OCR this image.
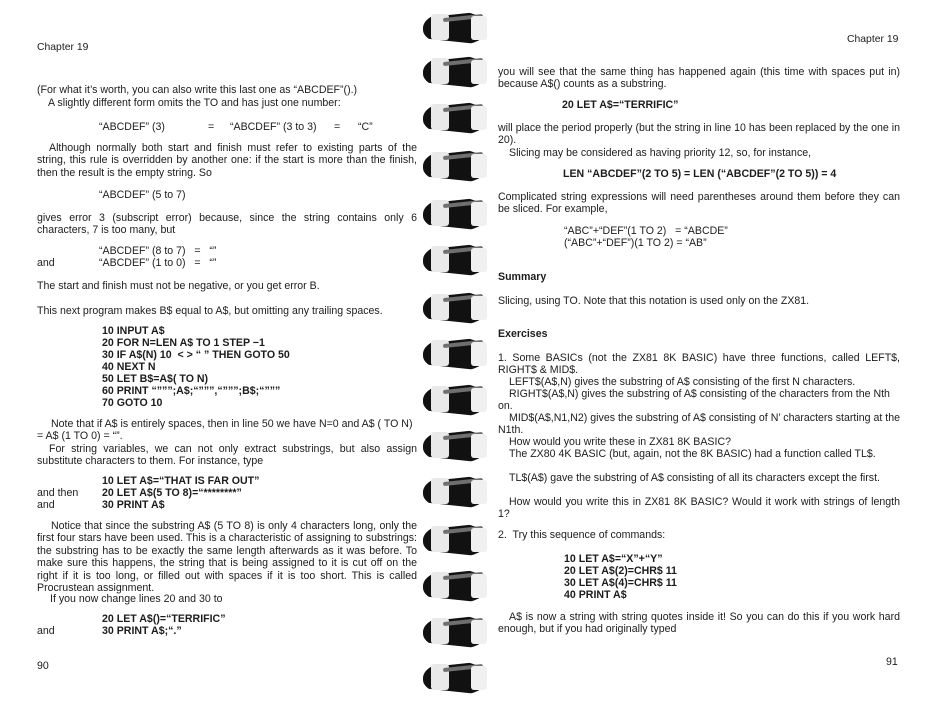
Chapter 19
(For what it’s worth, you can also write this last one as “ABCDEF”().)
A slightly different form omits the TO and has just one number:
“ABCDEF” (3)	= “ABCDEF” (3 to 3) = “C”
Although normally both start and finish must refer to existing parts of the string, this rule is overridden by another one: if the start is more than the finish, then the result is the empty string. So
“ABCDEF” (5 to 7)
gives error 3 (subscript error) because, since the string contains only 6 characters, 7 is too many, but
“ABCDEF” (8 to 7)   =   “”
and	“ABCDEF” (1 to 0)   =   “”
The start and finish must not be negative, or you get error B.
This next program makes B$ equal to A$, but omitting any trailing spaces.
10 INPUT A$
20 FOR N=LEN A$ TO 1 STEP −1
30 IF A$(N) 10  < > “ ” THEN GOTO 50
40 NEXT N
50 LET B$=A$( TO N)
60 PRINT “”””;A$;“”””,“”””;B$;“”””
70 GOTO 10
Note that if A$ is entirely spaces, then in line 50 we have N=0 and A$ ( TO N) = A$ (1 TO 0) = “”.
For string variables, we can not only extract substrings, but also assign substitute characters to them. For instance, type
10 LET A$=“THAT IS FAR OUT”
and then 20 LET A$(5 TO 8)=“********”
and	30 PRINT A$
Notice that since the substring A$ (5 TO 8) is only 4 characters long, only the first four stars have been used. This is a characteristic of assigning to substrings: the substring has to be exactly the same length afterwards as it was before. To make sure this happens, the string that is being assigned to it is cut off on the right if it is too long, or filled out with spaces if it is too short. This is called Procrustean assignment.
If you now change lines 20 and 30 to
20 LET A$()=“TERRIFIC”
and	30 PRINT A$;“.”
90
Chapter 19
you will see that the same thing has happened again (this time with spaces put in) because A$() counts as a substring.
20 LET A$=“TERRIFIC”
will place the period properly (but the string in line 10 has been replaced by the one in 20).
Slicing may be considered as having priority 12, so, for instance,
LEN “ABCDEF”(2 TO 5) = LEN (“ABCDEF”(2 TO 5)) = 4
Complicated string expressions will need parentheses around them before they can be sliced. For example,
“ABC”+“DEF”(1 TO 2)   = “ABCDE”
(“ABC”+“DEF”)(1 TO 2) = “AB”
Summary
Slicing, using TO. Note that this notation is used only on the ZX81.
Exercises
1. Some BASICs (not the ZX81 8K BASIC) have three functions, called LEFT$, RIGHT$ & MID$.
LEFT$(A$,N) gives the substring of A$ consisting of the first N characters.
RIGHT$(A$,N) gives the substring of A$ consisting of the characters from the Nth on.
MID$(A$,N1,N2) gives the substring of A$ consisting of N’ characters starting at the N1th.
How would you write these in ZX81 8K BASIC?
The ZX80 4K BASIC (but, again, not the 8K BASIC) had a function called TL$.
TL$(A$) gave the substring of A$ consisting of all its characters except the first.
How would you write this in ZX81 8K BASIC? Would it work with strings of length 1?
2.  Try this sequence of commands:
10 LET A$=“X”+“Y”
20 LET A$(2)=CHR$ 11
30 LET A$(4)=CHR$ 11
40 PRINT A$
A$ is now a string with string quotes inside it! So you can do this if you work hard enough, but if you had originally typed
91
